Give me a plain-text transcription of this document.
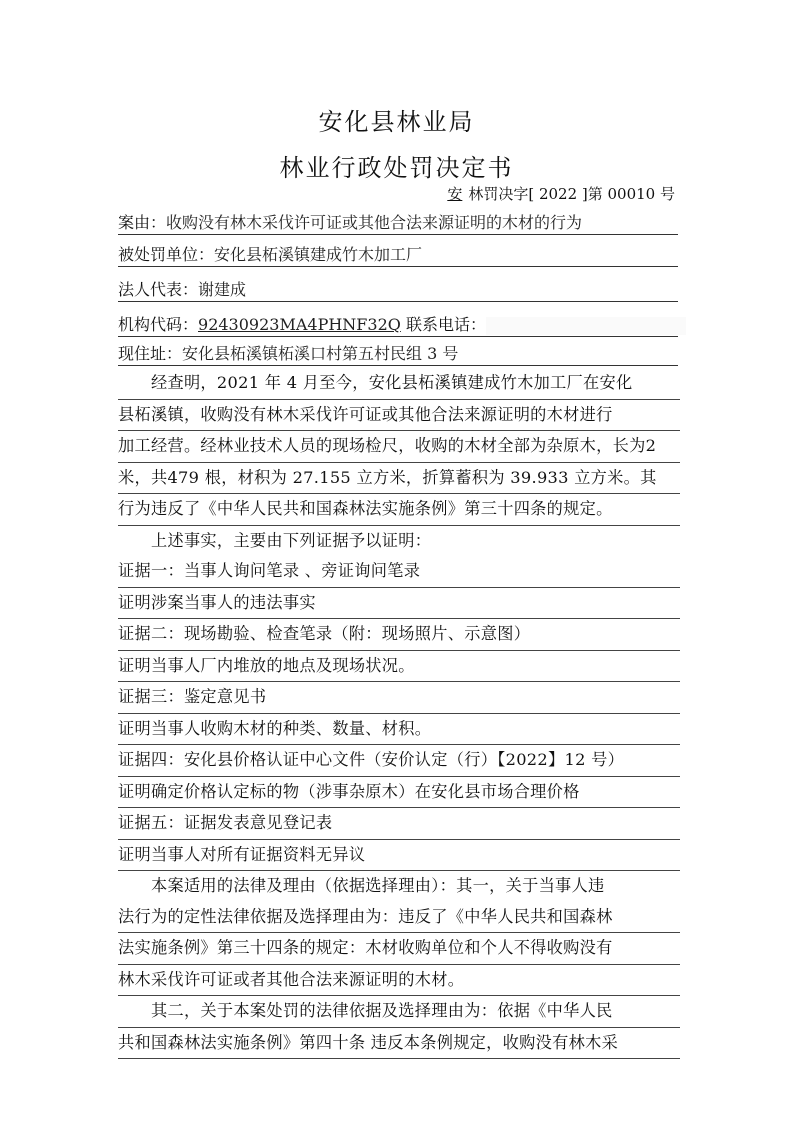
安化县林业局
林业行政处罚决定书
安 林罚决字[ 2022 ]第 00010 号
案由：收购没有林木采伐许可证或其他合法来源证明的木材的行为
被处罚单位：安化县柘溪镇建成竹木加工厂
法人代表：谢建成
机构代码：92430923MA4PHNF32Q 联系电话：
现住址：安化县柘溪镇柘溪口村第五村民组 3 号
　　经查明，2021 年 4 月至今，安化县柘溪镇建成竹木加工厂在安化
县柘溪镇，收购没有林木采伐许可证或其他合法来源证明的木材进行
加工经营。经林业技术人员的现场检尺，收购的木材全部为杂原木，长为2
米，共479 根，材积为 27.155 立方米，折算蓄积为 39.933 立方米。其
行为违反了《中华人民共和国森林法实施条例》第三十四条的规定。
　　上述事实，主要由下列证据予以证明：
证据一：当事人询问笔录 、旁证询问笔录
证明涉案当事人的违法事实
证据二：现场勘验、检查笔录（附：现场照片、示意图）
证明当事人厂内堆放的地点及现场状况。
证据三：鉴定意见书
证明当事人收购木材的种类、数量、材积。
证据四：安化县价格认证中心文件（安价认定（行）【2022】12 号）
证明确定价格认定标的物（涉事杂原木）在安化县市场合理价格
证据五：证据发表意见登记表
证明当事人对所有证据资料无异议
　　本案适用的法律及理由（依据选择理由）：其一，关于当事人违
法行为的定性法律依据及选择理由为：违反了《中华人民共和国森林
法实施条例》第三十四条的规定：木材收购单位和个人不得收购没有
林木采伐许可证或者其他合法来源证明的木材。
　　其二，关于本案处罚的法律依据及选择理由为：依据《中华人民
共和国森林法实施条例》第四十条 违反本条例规定，收购没有林木采
